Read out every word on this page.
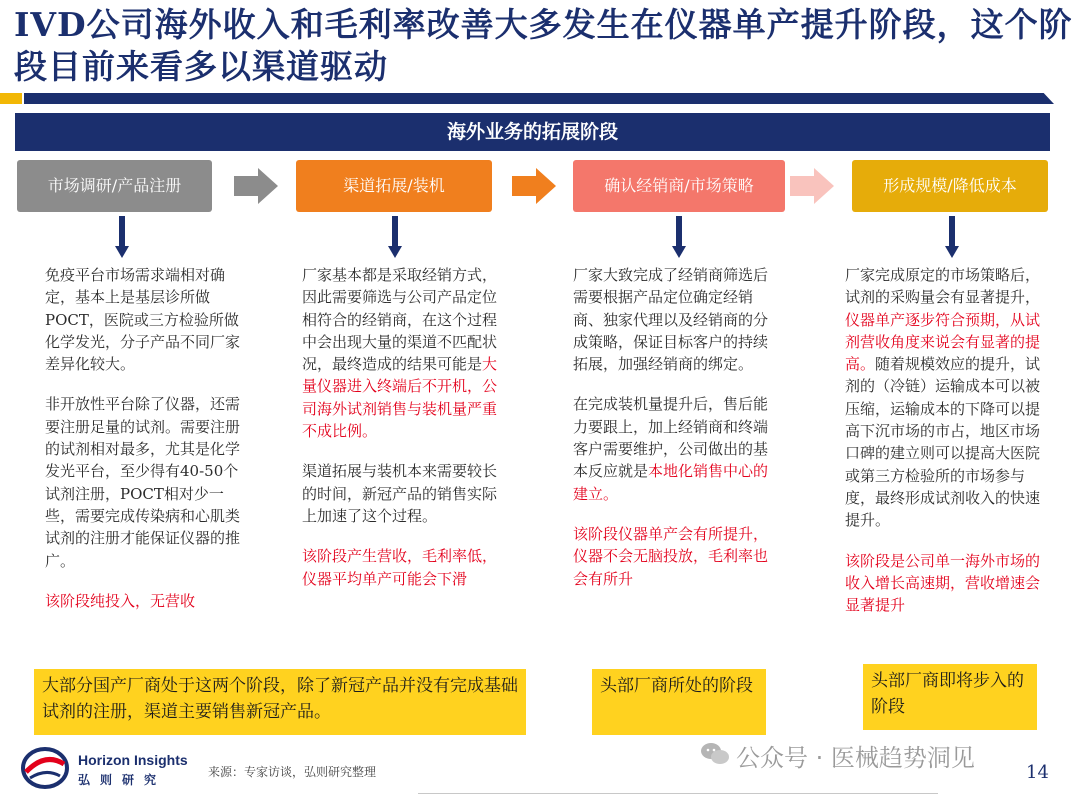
IVD公司海外收入和毛利率改善大多发生在仪器单产提升阶段，这个阶段目前来看多以渠道驱动
海外业务的拓展阶段
市场调研/产品注册	渠道拓展/装机	确认经销商/市场策略	形成规模/降低成本

免疫平台市场需求端相对确定，基本上是基层诊所做POCT，医院或三方检验所做化学发光，分子产品不同厂家差异化较大。

非开放性平台除了仪器，还需要注册足量的试剂。需要注册的试剂相对最多，尤其是化学发光平台，至少得有40-50个试剂注册，POCT相对少一些，需要完成传染病和心肌类试剂的注册才能保证仪器的推广。

该阶段纯投入，无营收

厂家基本都是采取经销方式，因此需要筛选与公司产品定位相符合的经销商，在这个过程中会出现大量的渠道不匹配状况，最终造成的结果可能是大量仪器进入终端后不开机，公司海外试剂销售与装机量严重不成比例。

渠道拓展与装机本来需要较长的时间，新冠产品的销售实际上加速了这个过程。

该阶段产生营收，毛利率低，仪器平均单产可能会下滑

厂家大致完成了经销商筛选后需要根据产品定位确定经销商、独家代理以及经销商的分成策略，保证目标客户的持续拓展，加强经销商的绑定。

在完成装机量提升后，售后能力要跟上，加上经销商和终端客户需要维护，公司做出的基本反应就是本地化销售中心的建立。

该阶段仪器单产会有所提升，仪器不会无脑投放，毛利率也会有所升

厂家完成原定的市场策略后，试剂的采购量会有显著提升，仪器单产逐步符合预期，从试剂营收角度来说会有显著的提高。随着规模效应的提升，试剂的（冷链）运输成本可以被压缩，运输成本的下降可以提高下沉市场的市占，地区市场口碑的建立则可以提高大医院或第三方检验所的市场参与度，最终形成试剂收入的快速提升。

该阶段是公司单一海外市场的收入增长高速期，营收增速会显著提升

大部分国产厂商处于这两个阶段，除了新冠产品并没有完成基础试剂的注册，渠道主要销售新冠产品。
头部厂商所处的阶段	头部厂商即将步入的阶段
Horizon Insights
弘则研究
来源：专家访谈，弘则研究整理	公众号 · 医械趋势洞见
14
